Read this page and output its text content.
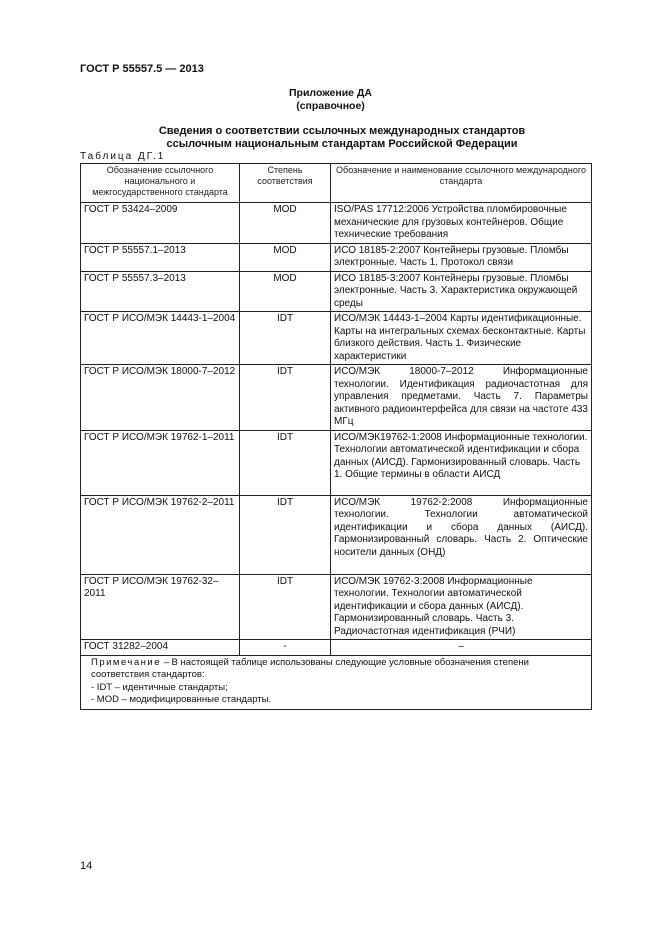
ГОСТ Р 55557.5 — 2013
Приложение ДА
(справочное)
Сведения о соответствии ссылочных международных стандартов
ссылочным национальным стандартам Российской Федерации
Таблица ДГ.1
Обозначение ссылочного национального и межгосударственного стандарта	Степень соответствия	Обозначение и наименование ссылочного международного стандарта
ГОСТ Р 53424–2009	MOD	ISO/PAS 17712:2006 Устройства пломбировочные механические для грузовых контейнеров. Общие технические требования
ГОСТ Р 55557.1–2013	MOD	ИСО 18185-2:2007 Контейнеры грузовые. Пломбы электронные. Часть 1. Протокол связи
ГОСТ Р 55557.3–2013	MOD	ИСО 18185-3:2007 Контейнеры грузовые. Пломбы электронные. Часть 3. Характеристика окружающей среды
ГОСТ Р ИСО/МЭК 14443-1–2004	IDT	ИСО/МЭК 14443-1–2004 Карты идентификационные. Карты на интегральных схемах бесконтактные. Карты близкого действия. Часть 1. Физические характеристики
ГОСТ Р ИСО/МЭК 18000-7–2012	IDT	ИСО/МЭК 18000-7–2012 Информационные технологии. Идентификация радиочастотная для управления предметами. Часть 7. Параметры активного радиоинтерфейса для связи на частоте 433 МГц
ГОСТ Р ИСО/МЭК 19762-1–2011	IDT	ИСО/МЭК19762-1:2008 Информационные технологии. Технологии автоматической идентификации и сбора данных (АИСД). Гармонизированный словарь. Часть 1. Общие термины в области АИСД
ГОСТ Р ИСО/МЭК 19762-2–2011	IDT	ИСО/МЭК 19762-2:2008 Информационные технологии. Технологии автоматической идентификации и сбора данных (АИСД). Гармонизированный словарь. Часть 2. Оптические носители данных (ОНД)
ГОСТ Р ИСО/МЭК 19762-32– 2011	IDT	ИСО/МЭК 19762-3:2008 Информационные технологии. Технологии автоматической идентификации и сбора данных (АИСД). Гармонизированный словарь. Часть 3. Радиочастотная идентификация (РЧИ)
ГОСТ 31282–2004	-	–

Примечание – В настоящей таблице использованы следующие условные обозначения степени соответствия стандартов:
- IDT – идентичные стандарты;
- MOD – модифицированные стандарты.		
14
